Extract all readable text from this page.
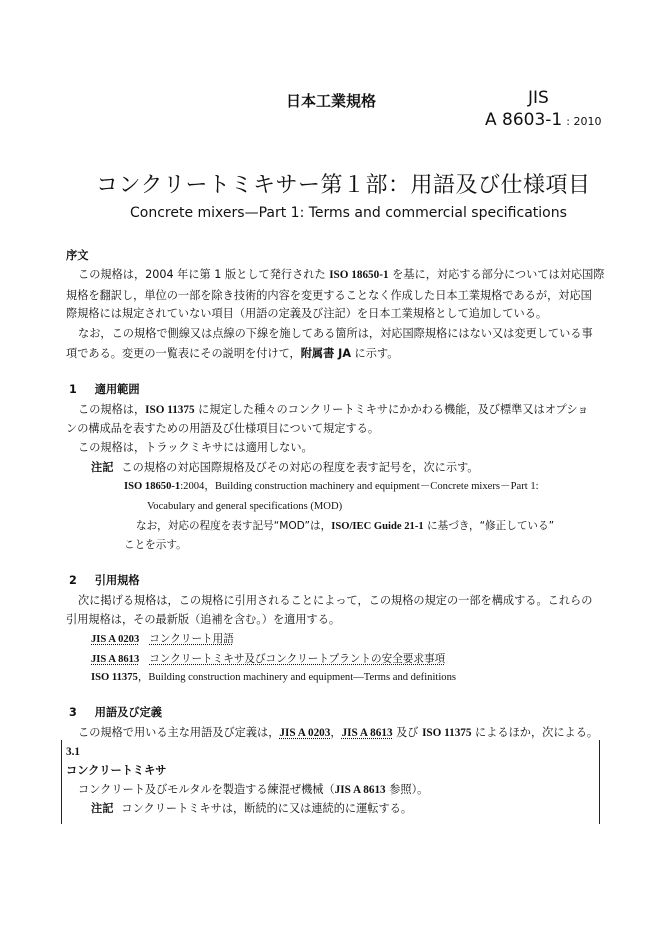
日本工業規格	JIS
A 8603-1 : 2010
コンクリートミキサー第１部：用語及び仕様項目
Concrete mixers—Part 1: Terms and commercial specifications
序文
この規格は，2004 年に第 1 版として発行された ISO 18650-1 を基に，対応する部分については対応国際
規格を翻訳し，単位の一部を除き技術的内容を変更することなく作成した日本工業規格であるが，対応国
際規格には規定されていない項目（用語の定義及び注記）を日本工業規格として追加している。
なお，この規格で側線又は点線の下線を施してある箇所は，対応国際規格にはない又は変更している事
項である。変更の一覧表にその説明を付けて，附属書 JA に示す。
1 適用範囲
この規格は，ISO 11375 に規定した種々のコンクリートミキサにかかわる機能，及び標準又はオプショ
ンの構成品を表すための用語及び仕様項目について規定する。
この規格は，トラックミキサには適用しない。
注記 この規格の対応国際規格及びその対応の程度を表す記号を，次に示す。
ISO 18650-1:2004，Building construction machinery and equipment－Concrete mixers－Part 1:
Vocabulary and general specifications (MOD)
なお，対応の程度を表す記号“MOD”は，ISO/IEC Guide 21-1 に基づき，“修正している”
ことを示す。
2 引用規格
次に掲げる規格は，この規格に引用されることによって，この規格の規定の一部を構成する。これらの
引用規格は，その最新版（追補を含む。）を適用する。
JIS A 0203 コンクリート用語
JIS A 8613 コンクリートミキサ及びコンクリートプラントの安全要求事項
ISO 11375，Building construction machinery and equipment—Terms and definitions
3 用語及び定義
この規格で用いる主な用語及び定義は，JIS A 0203，JIS A 8613 及び ISO 11375 によるほか，次による。
3.1
コンクリートミキサ
コンクリート及びモルタルを製造する練混ぜ機械（JIS A 8613 参照）。
注記 コンクリートミキサは，断続的に又は連続的に運転する。
